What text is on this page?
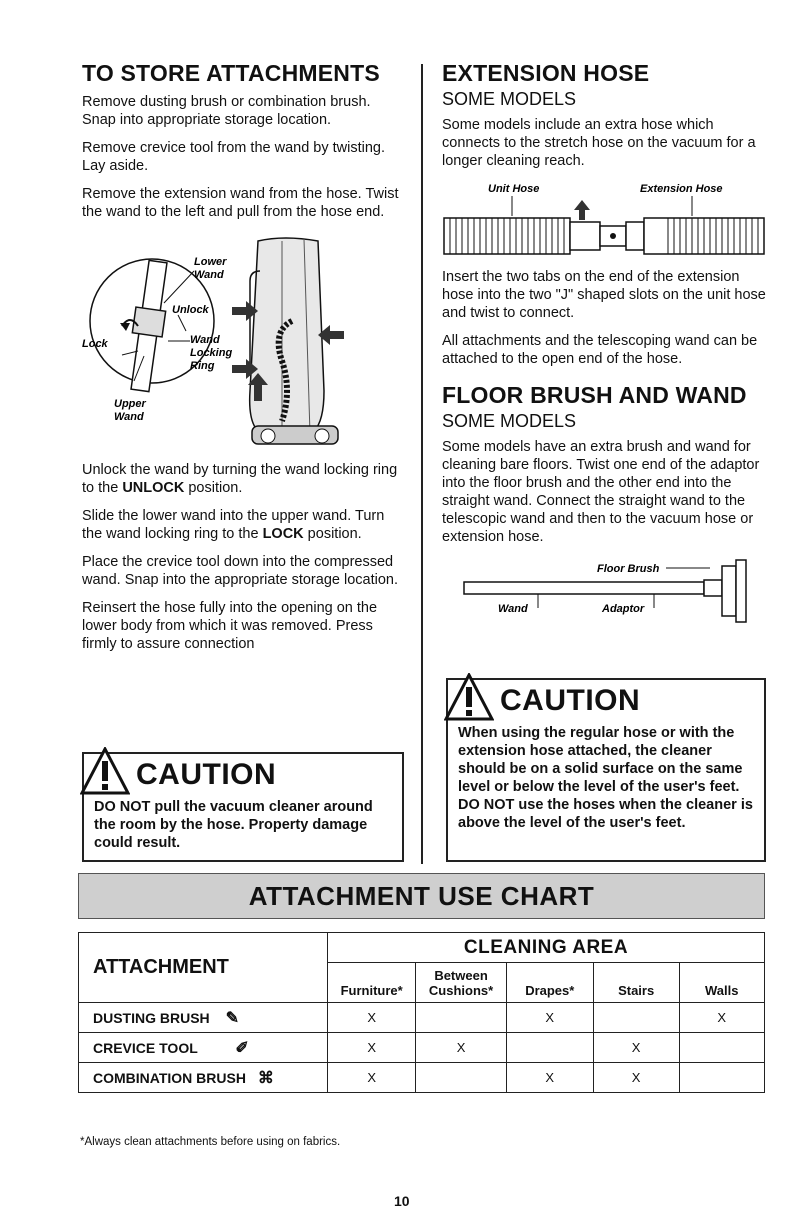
TO STORE ATTACHMENTS

Remove dusting brush or combination brush. Snap into appropriate storage location.

Remove crevice tool from the wand by twisting. Lay aside.

Remove the extension wand from the hose. Twist the wand to the left and pull from the hose end.

Lower
Wand
Unlock
Lock	Wand
Locking
Ring
Upper
Wand

Unlock the wand by turning the wand locking ring to the UNLOCK position.

Slide the lower wand into the upper wand. Turn the wand locking ring to the LOCK position.

Place the crevice tool down into the compressed wand. Snap into the appropriate storage location.

Reinsert the hose fully into the opening on the lower body from which it was removed. Press firmly to assure connection

CAUTION
DO NOT pull the vacuum cleaner around the room by the hose. Property damage could result.
EXTENSION HOSE
SOME MODELS

Some models include an extra hose which connects to the stretch hose on the vacuum for a longer cleaning reach.

Unit Hose	Extension Hose

Insert the two tabs on the end of the extension hose into the two "J" shaped slots on the unit hose and twist to connect.

All attachments and the telescoping wand can be attached to the open end of the hose.

FLOOR BRUSH AND WAND
SOME MODELS

Some models have an extra brush and wand for cleaning bare floors. Twist one end of the adaptor into the floor brush and the other end into the straight wand. Connect the straight wand to the telescopic wand and then to the vacuum hose or extension hose.

Floor Brush
Wand	Adaptor
CAUTION
When using the regular hose or with the extension hose attached, the cleaner should be on a solid surface on the same level or below the level of the user's feet. DO NOT use the hoses when the cleaner is above the level of the user's feet.
ATTACHMENT USE CHART
ATTACHMENT	CLEANING AREA				
	Furniture*	Between Cushions*	Drapes*	Stairs	Walls
DUSTING BRUSH ✎	X		X		X
CREVICE TOOL ✐	X	X		X	
COMBINATION BRUSH ⌘	X		X	X	
*Always clean attachments before using on fabrics.
10
